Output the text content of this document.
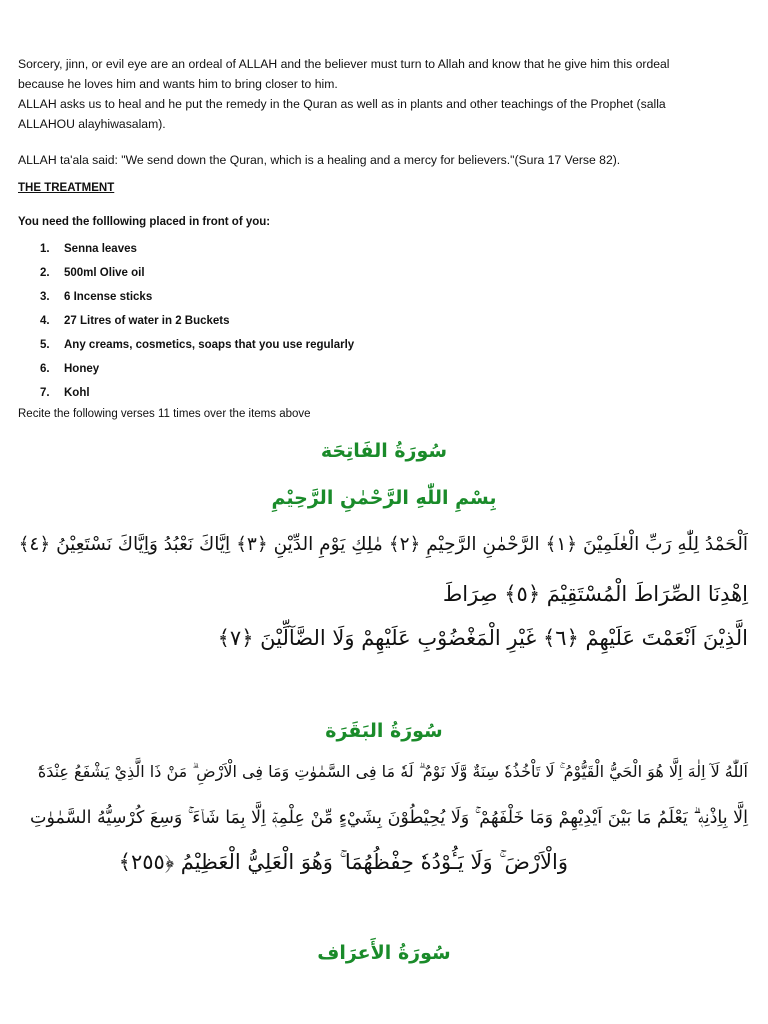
Sorcery, jinn, or evil eye are an ordeal of ALLAH and the believer must turn to Allah and know that he give him this ordeal
because he loves him and wants him to bring closer to him.
ALLAH asks us to heal and he put the remedy in the Quran as well as in plants and other teachings of the Prophet (salla
ALLAHOU alayhiwasalam).

ALLAH ta'ala said: "We send down the Quran, which is a healing and a mercy for believers."(Sura 17 Verse 82).

THE TREATMENT
You need the folllowing placed in front of you:
1.	Senna leaves
2.	500ml Olive oil
3.	6 Incense sticks
4.	27 Litres of water in 2 Buckets
5.	Any creams, cosmetics, soaps that you use regularly
6.	Honey
7.	Kohl
Recite the following verses 11 times over the items above
سُورَةُ الفَاتِحَة
بِسْمِ اللّٰهِ الرَّحْمٰنِ الرَّحِيْمِ
اَلْحَمْدُ لِلّٰهِ رَبِّ الْعٰلَمِيْنَ ﴿١﴾ الرَّحْمٰنِ الرَّحِيْمِ ﴿٢﴾ مٰلِكِ يَوْمِ الدِّيْنِ ﴿٣﴾ اِيَّاكَ نَعْبُدُ وَاِيَّاكَ نَسْتَعِيْنُ ﴿٤﴾
اِهْدِنَا الصِّرَاطَ الْمُسْتَقِيْمَ ﴿٥﴾ صِرَاطَ
الَّذِيْنَ اَنْعَمْتَ عَلَيْهِمْ ﴿٦﴾ غَيْرِ الْمَغْضُوْبِ عَلَيْهِمْ وَلَا الضَّآلِّيْنَ ﴿٧﴾
سُورَةُ البَقَرَة
اَللّٰهُ لَآ اِلٰهَ اِلَّا هُوَ الْحَيُّ الْقَيُّوْمُ ۚ لَا تَاْخُذُهٗ سِنَةٌ وَّلَا نَوْمٌ ۗ لَهٗ مَا فِى السَّمٰوٰتِ وَمَا فِى الْاَرْضِ ۗ مَنْ ذَا الَّذِيْ يَشْفَعُ عِنْدَهٗٓ
اِلَّا بِاِذْنِهٖ ۗ يَعْلَمُ مَا بَيْنَ اَيْدِيْهِمْ وَمَا خَلْفَهُمْ ۚ وَلَا يُحِيْطُوْنَ بِشَيْءٍ مِّنْ عِلْمِهٖٓ اِلَّا بِمَا شَاۤءَ ۚ وَسِعَ كُرْسِيُّهُ السَّمٰوٰتِ
وَالْاَرْضَ ۚ وَلَا يَـُٔوْدُهٗ حِفْظُهُمَا ۚ وَهُوَ الْعَلِيُّ الْعَظِيْمُ ﴿٢٥٥﴾
سُورَةُ الأَعرَاف
